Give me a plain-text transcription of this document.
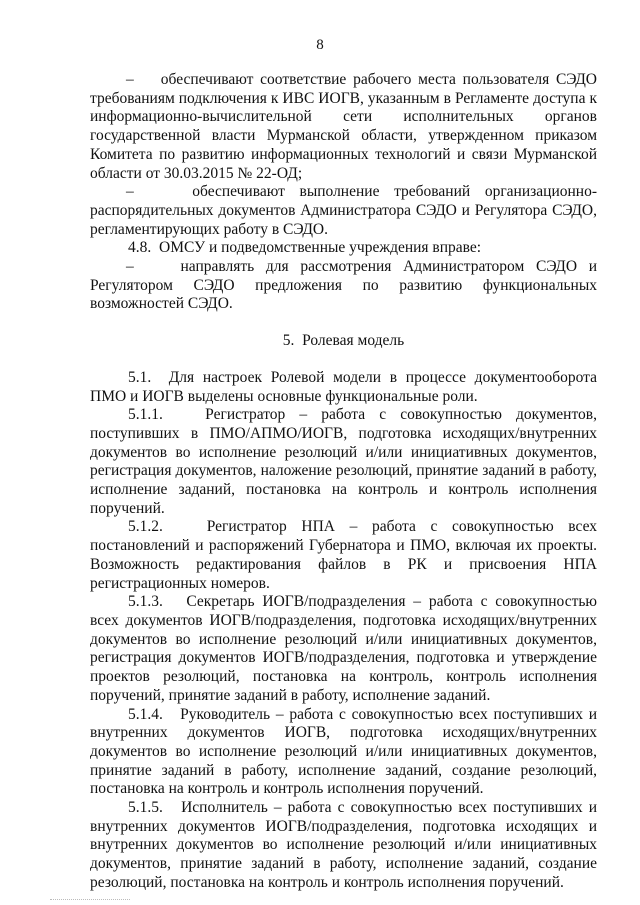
8

–    обеспечивают соответствие рабочего места пользователя СЭДО требованиям подключения к ИВС ИОГВ, указанным в Регламенте доступа к информационно-вычислительной сети исполнительных органов государственной власти Мурманской области, утвержденном приказом Комитета по развитию информационных технологий и связи Мурманской области от 30.03.2015 № 22-ОД;

–    обеспечивают выполнение требований организационно-распорядительных документов Администратора СЭДО и Регулятора СЭДО, регламентирующих работу в СЭДО.

4.8.  ОМСУ и подведомственные учреждения вправе:

–    направлять для рассмотрения Администратором СЭДО и Регулятором СЭДО предложения по развитию функциональных возможностей СЭДО.

5.  Ролевая модель

5.1.  Для настроек Ролевой модели в процессе документооборота ПМО и ИОГВ выделены основные функциональные роли.

5.1.1.   Регистратор – работа с совокупностью документов, поступивших в ПМО/АПМО/ИОГВ, подготовка исходящих/внутренних документов во исполнение резолюций и/или инициативных документов, регистрация документов, наложение резолюций, принятие заданий в работу, исполнение заданий, постановка на контроль и контроль исполнения поручений.

5.1.2.   Регистратор НПА – работа с совокупностью всех постановлений и распоряжений Губернатора и ПМО, включая их проекты. Возможность редактирования файлов в РК и присвоения НПА регистрационных номеров.

5.1.3.   Секретарь ИОГВ/подразделения – работа с совокупностью всех документов ИОГВ/подразделения, подготовка исходящих/внутренних документов во исполнение резолюций и/или инициативных документов, регистрация документов ИОГВ/подразделения, подготовка и утверждение проектов резолюций, постановка на контроль, контроль исполнения поручений, принятие заданий в работу, исполнение заданий.

5.1.4.   Руководитель – работа с совокупностью всех поступивших и внутренних документов ИОГВ, подготовка исходящих/внутренних документов во исполнение резолюций и/или инициативных документов, принятие заданий в работу, исполнение заданий, создание резолюций, постановка на контроль и контроль исполнения поручений.

5.1.5.   Исполнитель – работа с совокупностью всех поступивших и внутренних документов ИОГВ/подразделения, подготовка исходящих и внутренних документов во исполнение резолюций и/или инициативных документов, принятие заданий в работу, исполнение заданий, создание резолюций, постановка на контроль и контроль исполнения поручений.
